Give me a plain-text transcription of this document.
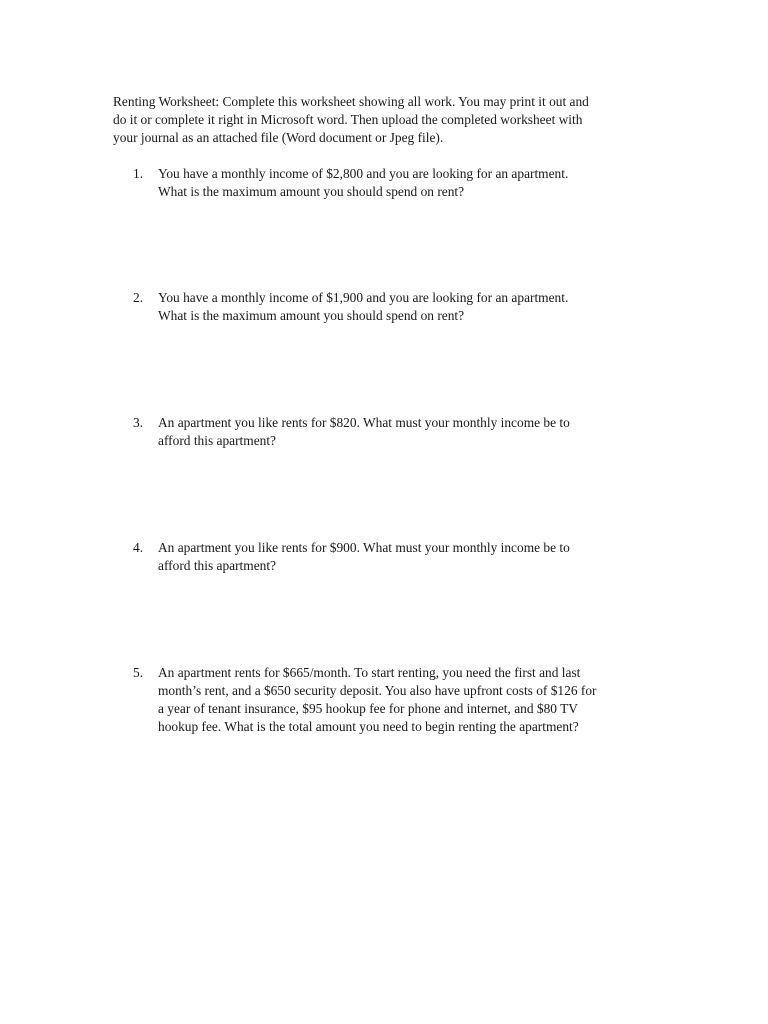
Renting Worksheet: Complete this worksheet showing all work. You may print it out and
do it or complete it right in Microsoft word. Then upload the completed worksheet with
your journal as an attached file (Word document or Jpeg file).
1.	You have a monthly income of $2,800 and you are looking for an apartment.
What is the maximum amount you should spend on rent?
2.	You have a monthly income of $1,900 and you are looking for an apartment.
What is the maximum amount you should spend on rent?
3.	An apartment you like rents for $820. What must your monthly income be to
afford this apartment?
4.	An apartment you like rents for $900. What must your monthly income be to
afford this apartment?
5.	An apartment rents for $665/month. To start renting, you need the first and last
month’s rent, and a $650 security deposit. You also have upfront costs of $126 for
a year of tenant insurance, $95 hookup fee for phone and internet, and $80 TV
hookup fee. What is the total amount you need to begin renting the apartment?
